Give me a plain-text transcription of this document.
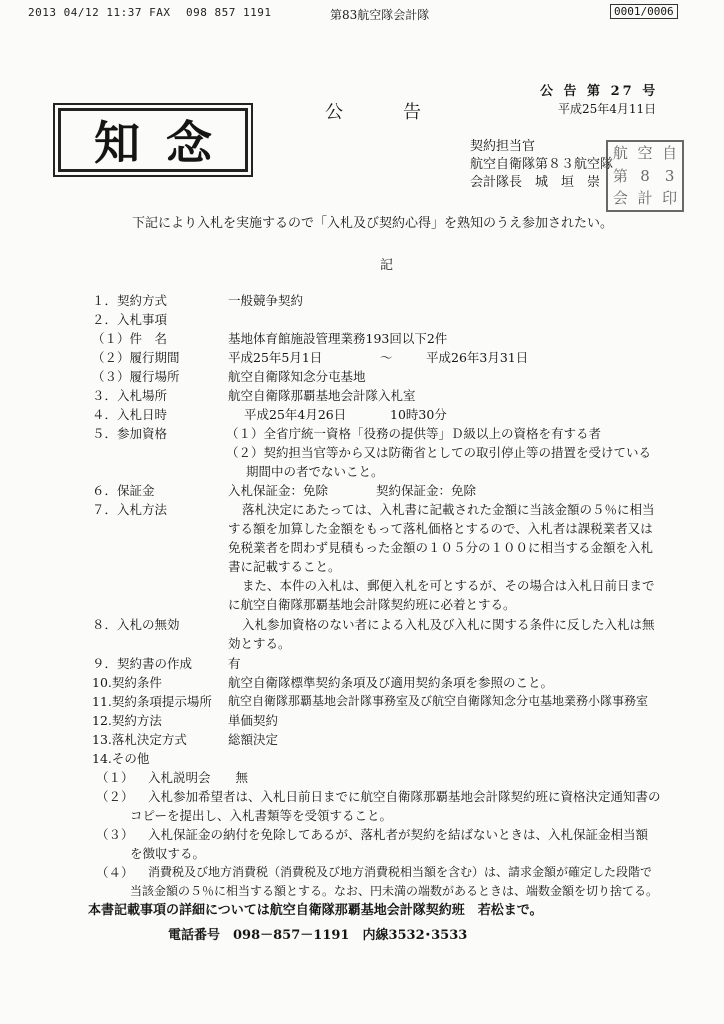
2013 04/12 11:37 FAX 098 857 1191	第83航空隊会計隊	0001/0006
公 告 第 27 号
平成25年4月11日
公告
知念	契約担当官
航空自衛隊第８３航空隊
会計隊長　城　垣　崇
航 空 自
第 8	3
会 計 印
下記により入札を実施するので「入札及び契約心得」を熟知のうえ参加されたい。
記
１．契約方式	一般競争契約
２．入札事項
（１）件　名	基地体育館施設管理業務193回以下2件
（２）履行期間	平成25年5月1日	～	平成26年3月31日
（３）履行場所	航空自衛隊知念分屯基地
３．入札場所	航空自衛隊那覇基地会計隊入札室
４．入札日時	平成25年4月26日	10時30分
５．参加資格	（１）全省庁統一資格「役務の提供等」Ｄ級以上の資格を有する者
（２）契約担当官等から又は防衛省としての取引停止等の措置を受けている
期間中の者でないこと。
６．保証金	入札保証金：免除	契約保証金：免除
７．入札方法	落札決定にあたっては、入札書に記載された金額に当該金額の５％に相当
する額を加算した金額をもって落札価格とするので、入札者は課税業者又は
免税業者を問わず見積もった金額の１０５分の１００に相当する金額を入札
書に記載すること。
また、本件の入札は、郵便入札を可とするが、その場合は入札日前日まで
に航空自衛隊那覇基地会計隊契約班に必着とする。
８．入札の無効	入札参加資格のない者による入札及び入札に関する条件に反した入札は無
効とする。
９．契約書の作成	有
10.契約条件	航空自衛隊標準契約条項及び適用契約条項を参照のこと。
11.契約条項提示場所 航空自衛隊那覇基地会計隊事務室及び航空自衛隊知念分屯基地業務小隊事務室
12.契約方法	単価契約
13.落札決定方式	総額決定
14.その他
（１） 入札説明会　　無
（２） 入札参加希望者は、入札日前日までに航空自衛隊那覇基地会計隊契約班に資格決定通知書の
コピーを提出し、入札書類等を受領すること。
（３） 入札保証金の納付を免除してあるが、落札者が契約を結ばないときは、入札保証金相当額
を徴収する。
（４） 消費税及び地方消費税（消費税及び地方消費税相当額を含む）は、請求金額が確定した段階で
当該金額の５％に相当する額とする。なお、円未満の端数があるときは、端数金額を切り捨てる。
本書記載事項の詳細については航空自衛隊那覇基地会計隊契約班　若松まで。
電話番号　098－857－1191　内線3532･3533
